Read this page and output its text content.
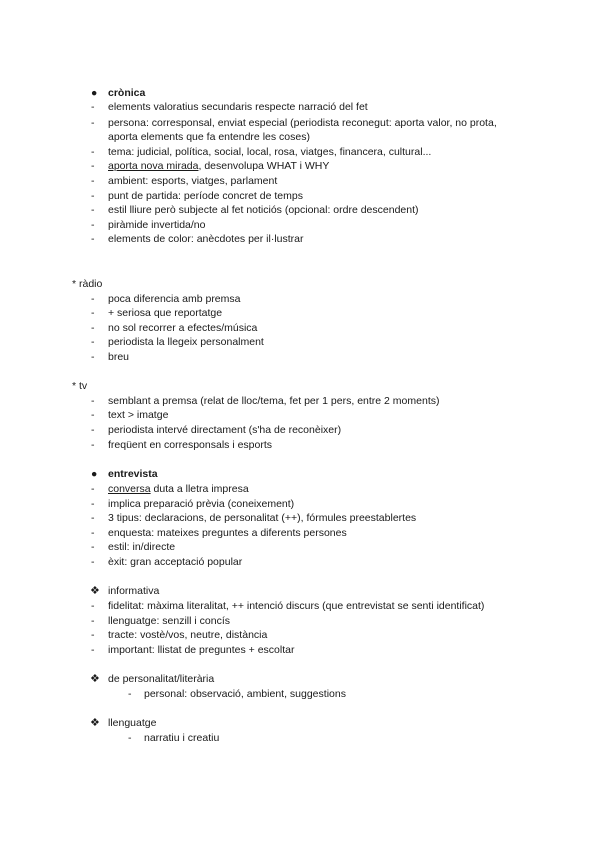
● crònica
- elements valoratius secundaris respecte narració del fet
- persona: corresponsal, enviat especial (periodista reconegut: aporta valor, no prota,
aporta elements que fa entendre les coses)
- tema: judicial, política, social, local, rosa, viatges, financera, cultural...
- aporta nova mirada, desenvolupa WHAT i WHY
- ambient: esports, viatges, parlament
- punt de partida: període concret de temps
- estil lliure però subjecte al fet noticiós (opcional: ordre descendent)
- piràmide invertida/no
- elements de color: anècdotes per il·lustrar
* ràdio
- poca diferencia amb premsa
- + seriosa que reportatge
- no sol recorrer a efectes/música
- periodista la llegeix personalment
- breu
* tv
- semblant a premsa (relat de lloc/tema, fet per 1 pers, entre 2 moments)
- text > imatge
- periodista intervé directament (s'ha de reconèixer)
- freqüent en corresponsals i esports
● entrevista
- conversa duta a lletra impresa
- implica preparació prèvia (coneixement)
- 3 tipus: declaracions, de personalitat (++), fórmules preestablertes
- enquesta: mateixes preguntes a diferents persones
- estil: in/directe
- èxit: gran acceptació popular
❖ informativa
- fidelitat: màxima literalitat, ++ intenció discurs (que entrevistat se senti identificat)
- llenguatge: senzill i concís
- tracte: vostè/vos, neutre, distància
- important: llistat de preguntes + escoltar
❖ de personalitat/literària
- personal: observació, ambient, suggestions
❖ llenguatge
- narratiu i creatiu
